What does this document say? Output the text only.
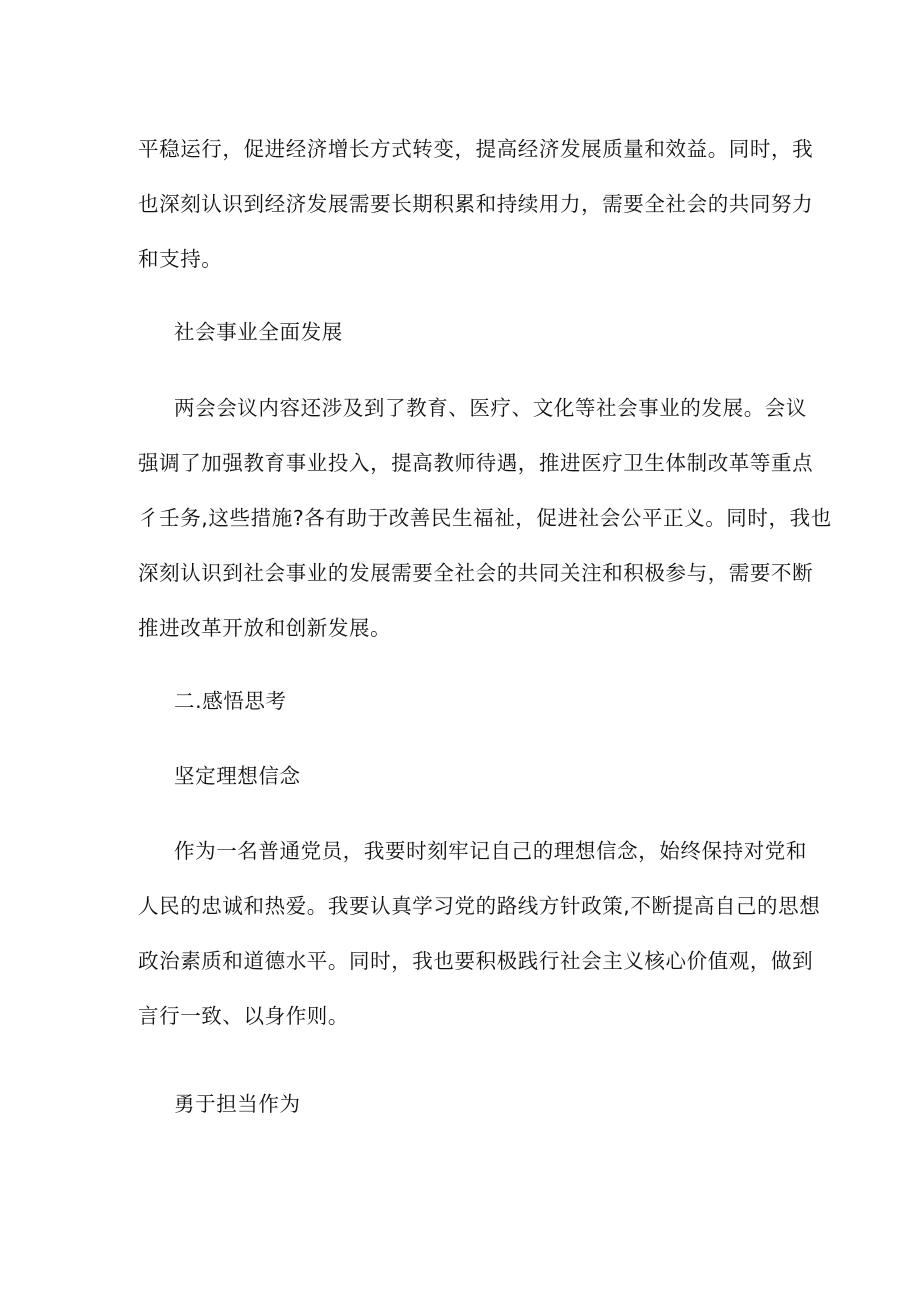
平稳运行，促进经济增长方式转变，提高经济发展质量和效益。同时，我
也深刻认识到经济发展需要长期积累和持续用力，需要全社会的共同努力
和支持。
社会事业全面发展
两会会议内容还涉及到了教育、医疗、文化等社会事业的发展。会议
强调了加强教育事业投入，提高教师待遇，推进医疗卫生体制改革等重点
彳壬务,这些措施?各有助于改善民生福祉，促进社会公平正义。同时，我也
深刻认识到社会事业的发展需要全社会的共同关注和积极参与，需要不断
推进改革开放和创新发展。
二.感悟思考
坚定理想信念
作为一名普通党员，我要时刻牢记自己的理想信念，始终保持对党和
人民的忠诚和热爱。我要认真学习党的路线方针政策,不断提高自己的思想
政治素质和道德水平。同时，我也要积极践行社会主义核心价值观，做到
言行一致、以身作则。
勇于担当作为
